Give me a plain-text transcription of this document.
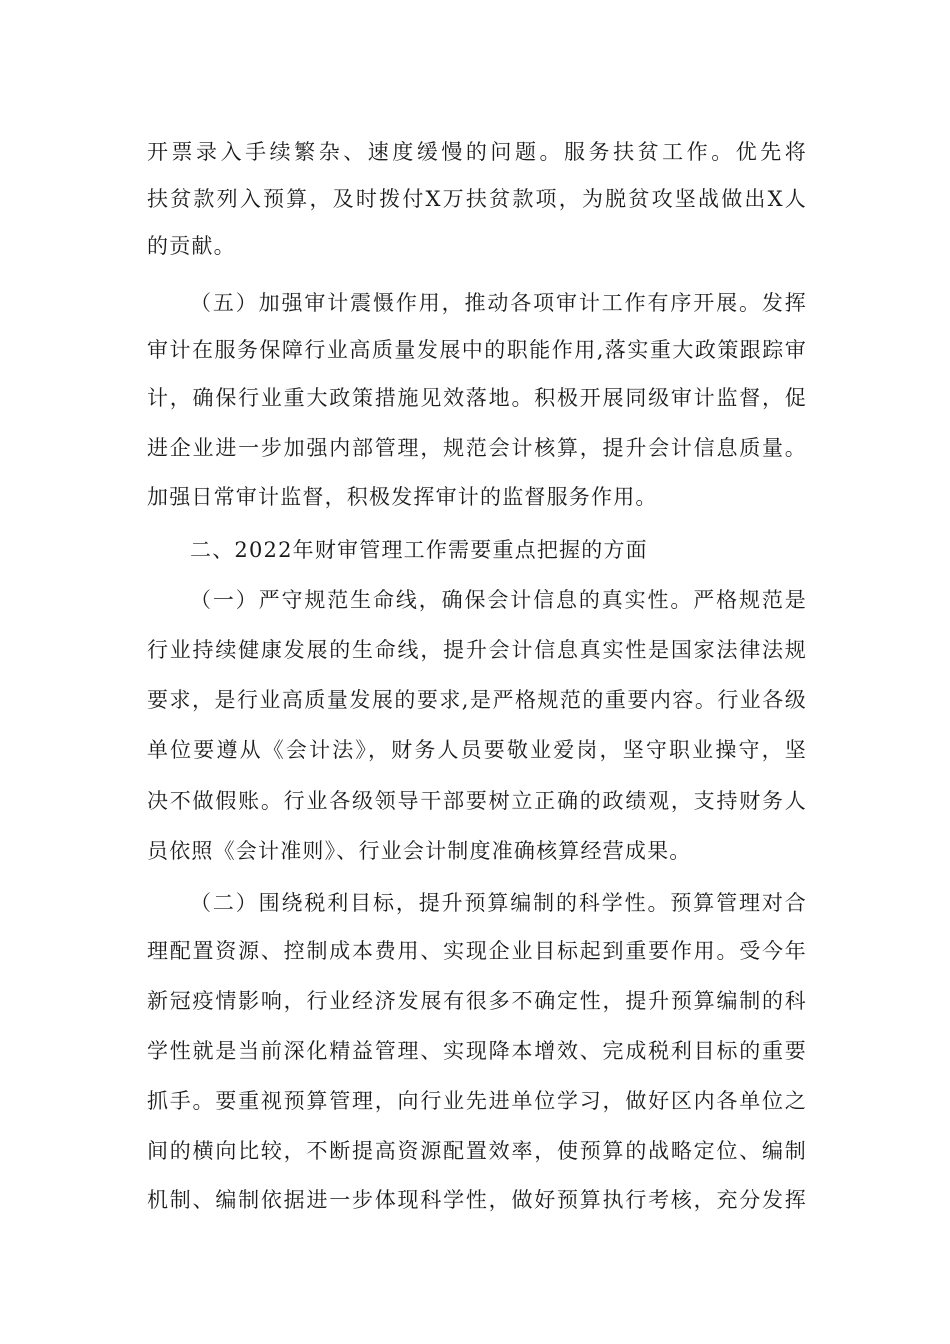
开票录入手续繁杂、速度缓慢的问题。服务扶贫工作。优先将
扶贫款列入预算，及时拨付X万扶贫款项，为脱贫攻坚战做出X人
的贡献。
（五）加强审计震慑作用，推动各项审计工作有序开展。发挥
审计在服务保障行业高质量发展中的职能作用,落实重大政策跟踪审
计，确保行业重大政策措施见效落地。积极开展同级审计监督，促
进企业进一步加强内部管理，规范会计核算，提升会计信息质量。
加强日常审计监督，积极发挥审计的监督服务作用。
二、2022年财审管理工作需要重点把握的方面
（一）严守规范生命线，确保会计信息的真实性。严格规范是
行业持续健康发展的生命线，提升会计信息真实性是国家法律法规
要求，是行业高质量发展的要求,是严格规范的重要内容。行业各级
单位要遵从《会计法》，财务人员要敬业爱岗，坚守职业操守，坚
决不做假账。行业各级领导干部要树立正确的政绩观，支持财务人
员依照《会计准则》、行业会计制度准确核算经营成果。
（二）围绕税利目标，提升预算编制的科学性。预算管理对合
理配置资源、控制成本费用、实现企业目标起到重要作用。受今年
新冠疫情影响，行业经济发展有很多不确定性，提升预算编制的科
学性就是当前深化精益管理、实现降本增效、完成税利目标的重要
抓手。要重视预算管理，向行业先进单位学习，做好区内各单位之
间的横向比较，不断提高资源配置效率，使预算的战略定位、编制
机制、编制依据进一步体现科学性，做好预算执行考核，充分发挥
